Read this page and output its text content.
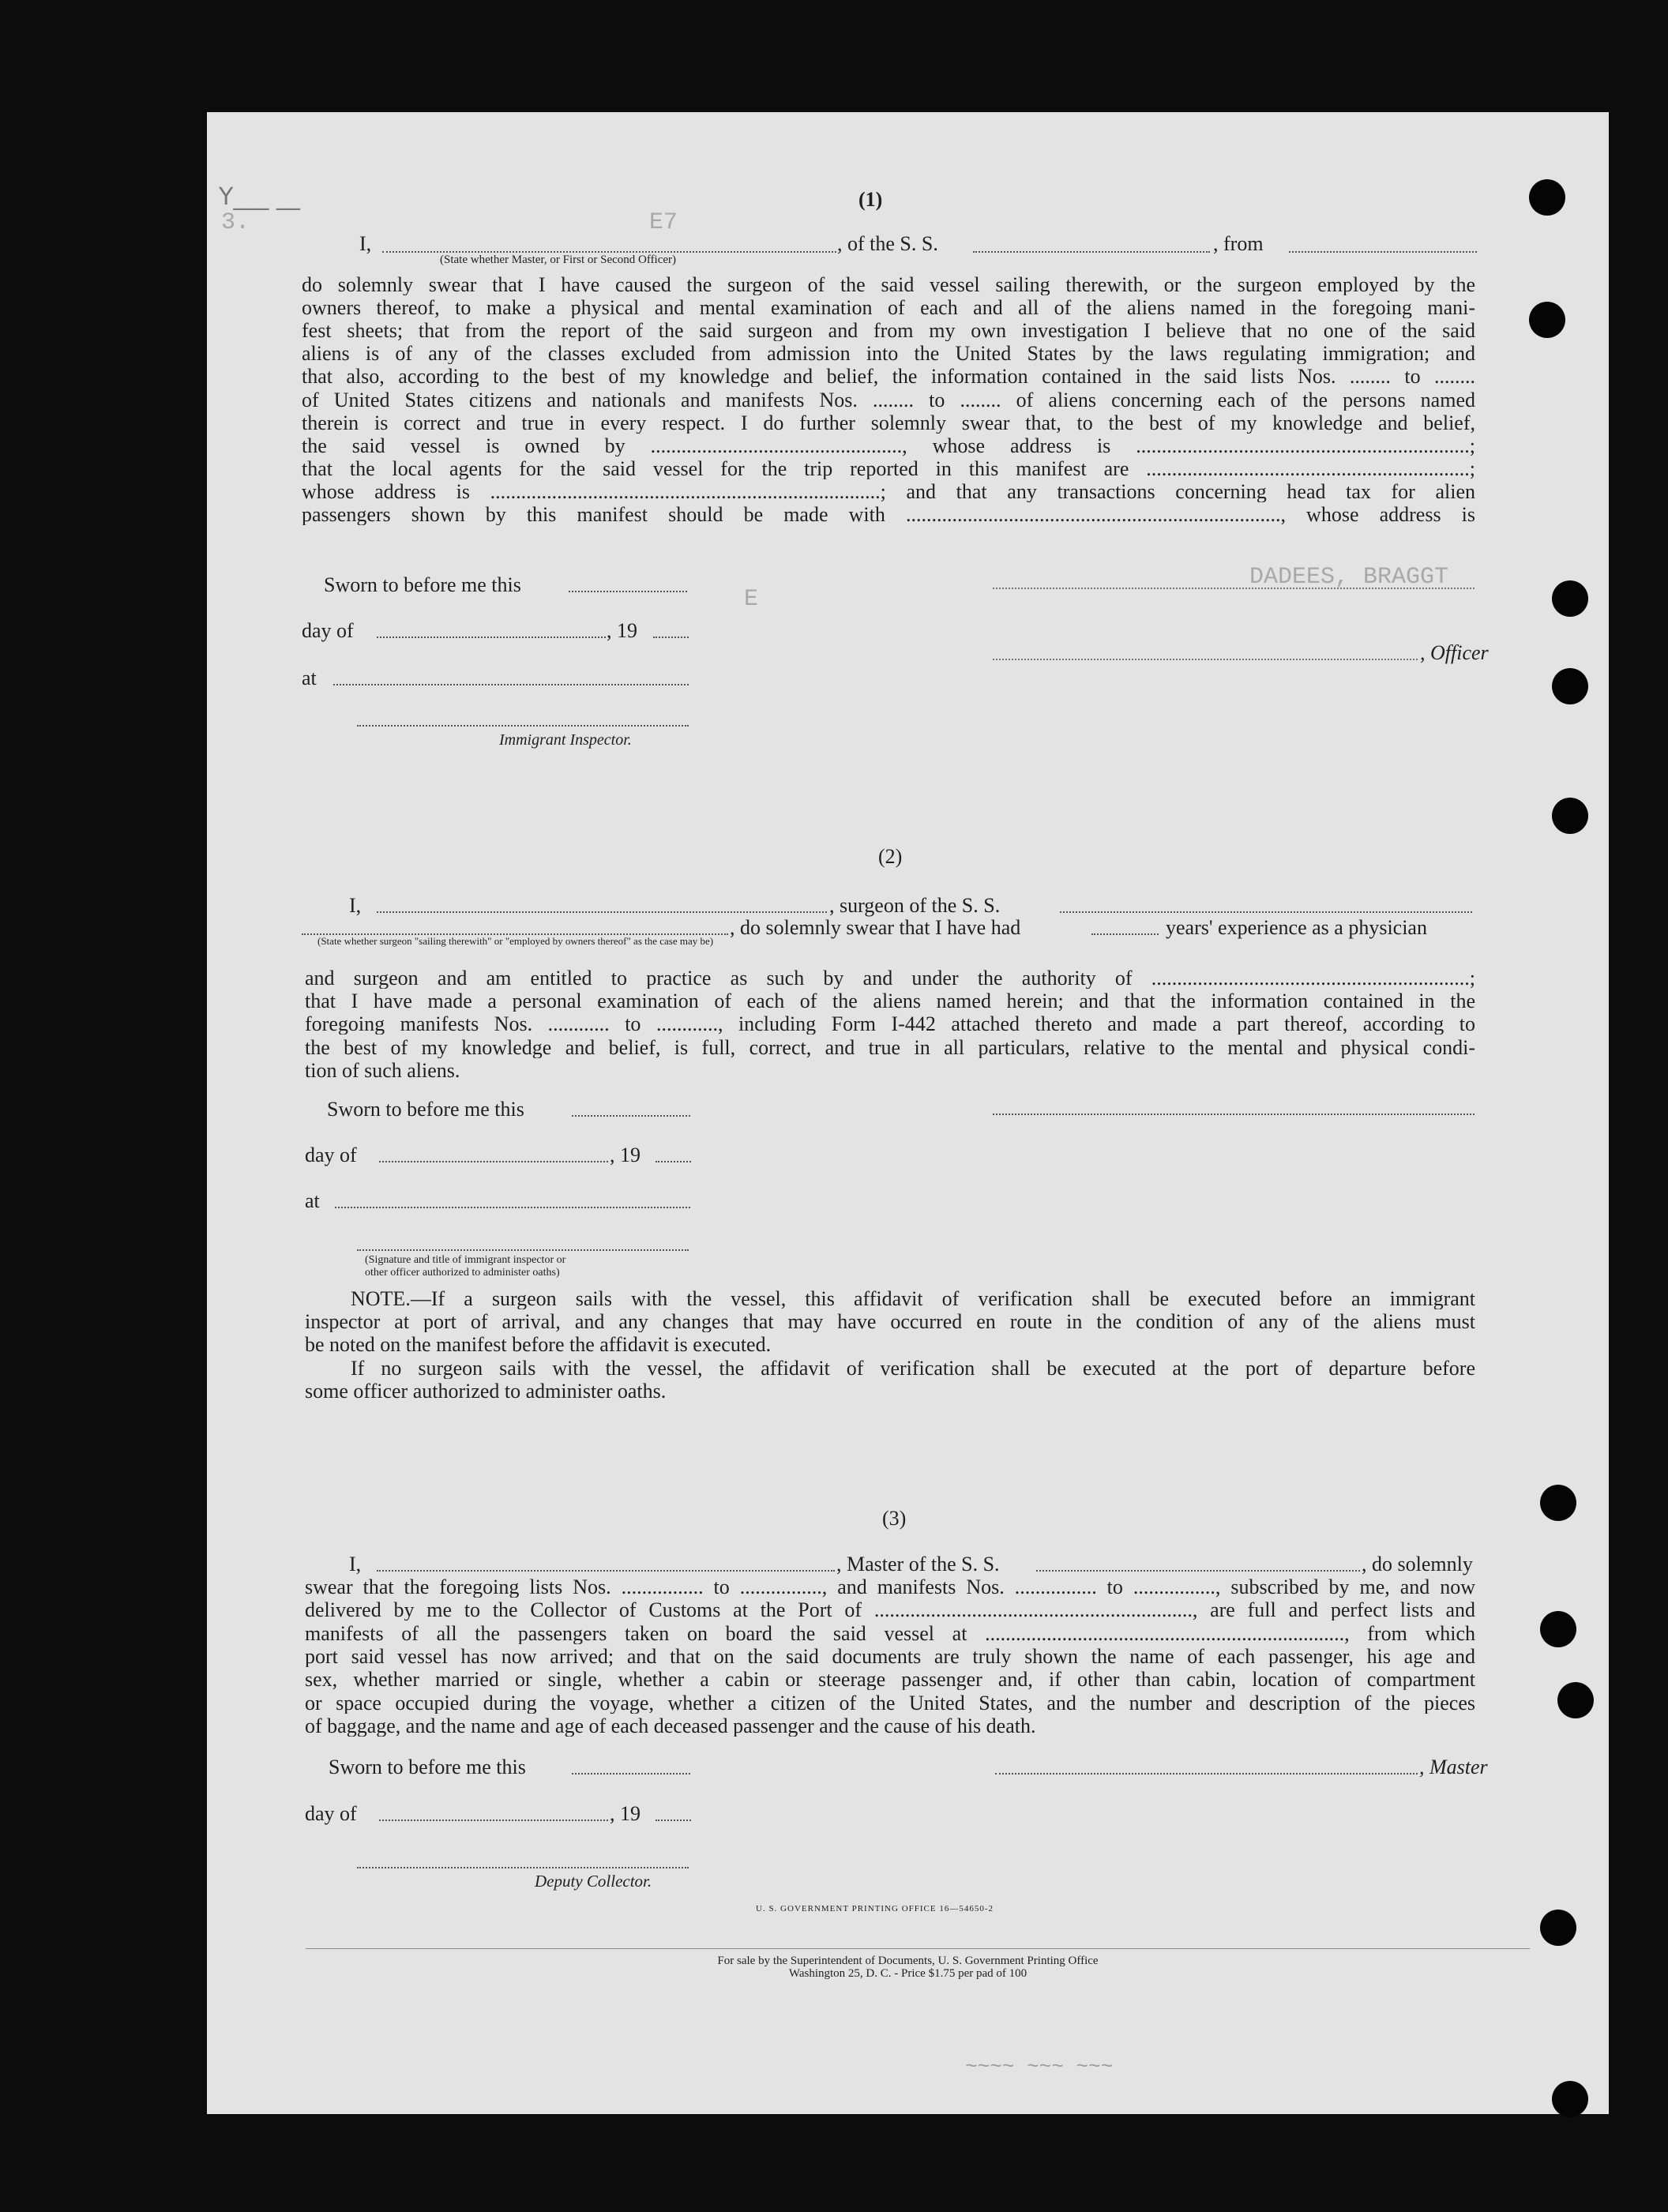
3.	E7
E
DADEES, BRAGGT
Y___ __	(1)
I,	, of the S. S.	, from
(State whether Master, or First or Second Officer)
do solemnly swear that I have caused the surgeon of the said vessel sailing therewith, or the surgeon employed by the
owners thereof, to make a physical and mental examination of each and all of the aliens named in the foregoing mani-
fest sheets; that from the report of the said surgeon and from my own investigation I believe that no one of the said
aliens is of any of the classes excluded from admission into the United States by the laws regulating immigration; and
that also, according to the best of my knowledge and belief, the information contained in the said lists Nos. ........ to ........
of United States citizens and nationals and manifests Nos. ........ to ........ of aliens concerning each of the persons named
therein is correct and true in every respect. I do further solemnly swear that, to the best of my knowledge and belief,
the said vessel is owned by ................................................., whose address is .................................................................;
that the local agents for the said vessel for the trip reported in this manifest are ...............................................................;
whose address is ............................................................................; and that any transactions concerning head tax for alien
passengers shown by this manifest should be made with ........................................................................., whose address is
Sworn to before me this
day of	, 19
, Officer
at
Immigrant Inspector.
(2)
I,	, surgeon of the S. S.
, do solemnly swear that I have had	years' experience as a physician
(State whether surgeon "sailing therewith" or "employed by owners thereof" as the case may be)
and surgeon and am entitled to practice as such by and under the authority of ..............................................................;
that I have made a personal examination of each of the aliens named herein; and that the information contained in the
foregoing manifests Nos. ............ to ............, including Form I-442 attached thereto and made a part thereof, according to
the best of my knowledge and belief, is full, correct, and true in all particulars, relative to the mental and physical condi-
tion of such aliens.
Sworn to before me this
day of	, 19
at
(Signature and title of immigrant inspector or
other officer authorized to administer oaths)
NOTE.—If a surgeon sails with the vessel, this affidavit of verification shall be executed before an immigrant
inspector at port of arrival, and any changes that may have occurred en route in the condition of any of the aliens must
be noted on the manifest before the affidavit is executed.
If no surgeon sails with the vessel, the affidavit of verification shall be executed at the port of departure before
some officer authorized to administer oaths.
(3)
I,	, Master of the S. S.	, do solemnly
swear that the foregoing lists Nos. ................ to ................, and manifests Nos. ................ to ................, subscribed by me, and now
delivered by me to the Collector of Customs at the Port of .............................................................., are full and perfect lists and
manifests of all the passengers taken on board the said vessel at ......................................................................, from which
port said vessel has now arrived; and that on the said documents are truly shown the name of each passenger, his age and
sex, whether married or single, whether a cabin or steerage passenger and, if other than cabin, location of compartment
or space occupied during the voyage, whether a citizen of the United States, and the number and description of the pieces
of baggage, and the name and age of each deceased passenger and the cause of his death.
Sworn to before me this	, Master
day of	, 19
Deputy Collector.
U. S. GOVERNMENT PRINTING OFFICE 16—54650-2
For sale by the Superintendent of Documents, U. S. Government Printing Office
Washington 25, D. C. - Price $1.75 per pad of 100
~~~~ ~~~ ~~~
